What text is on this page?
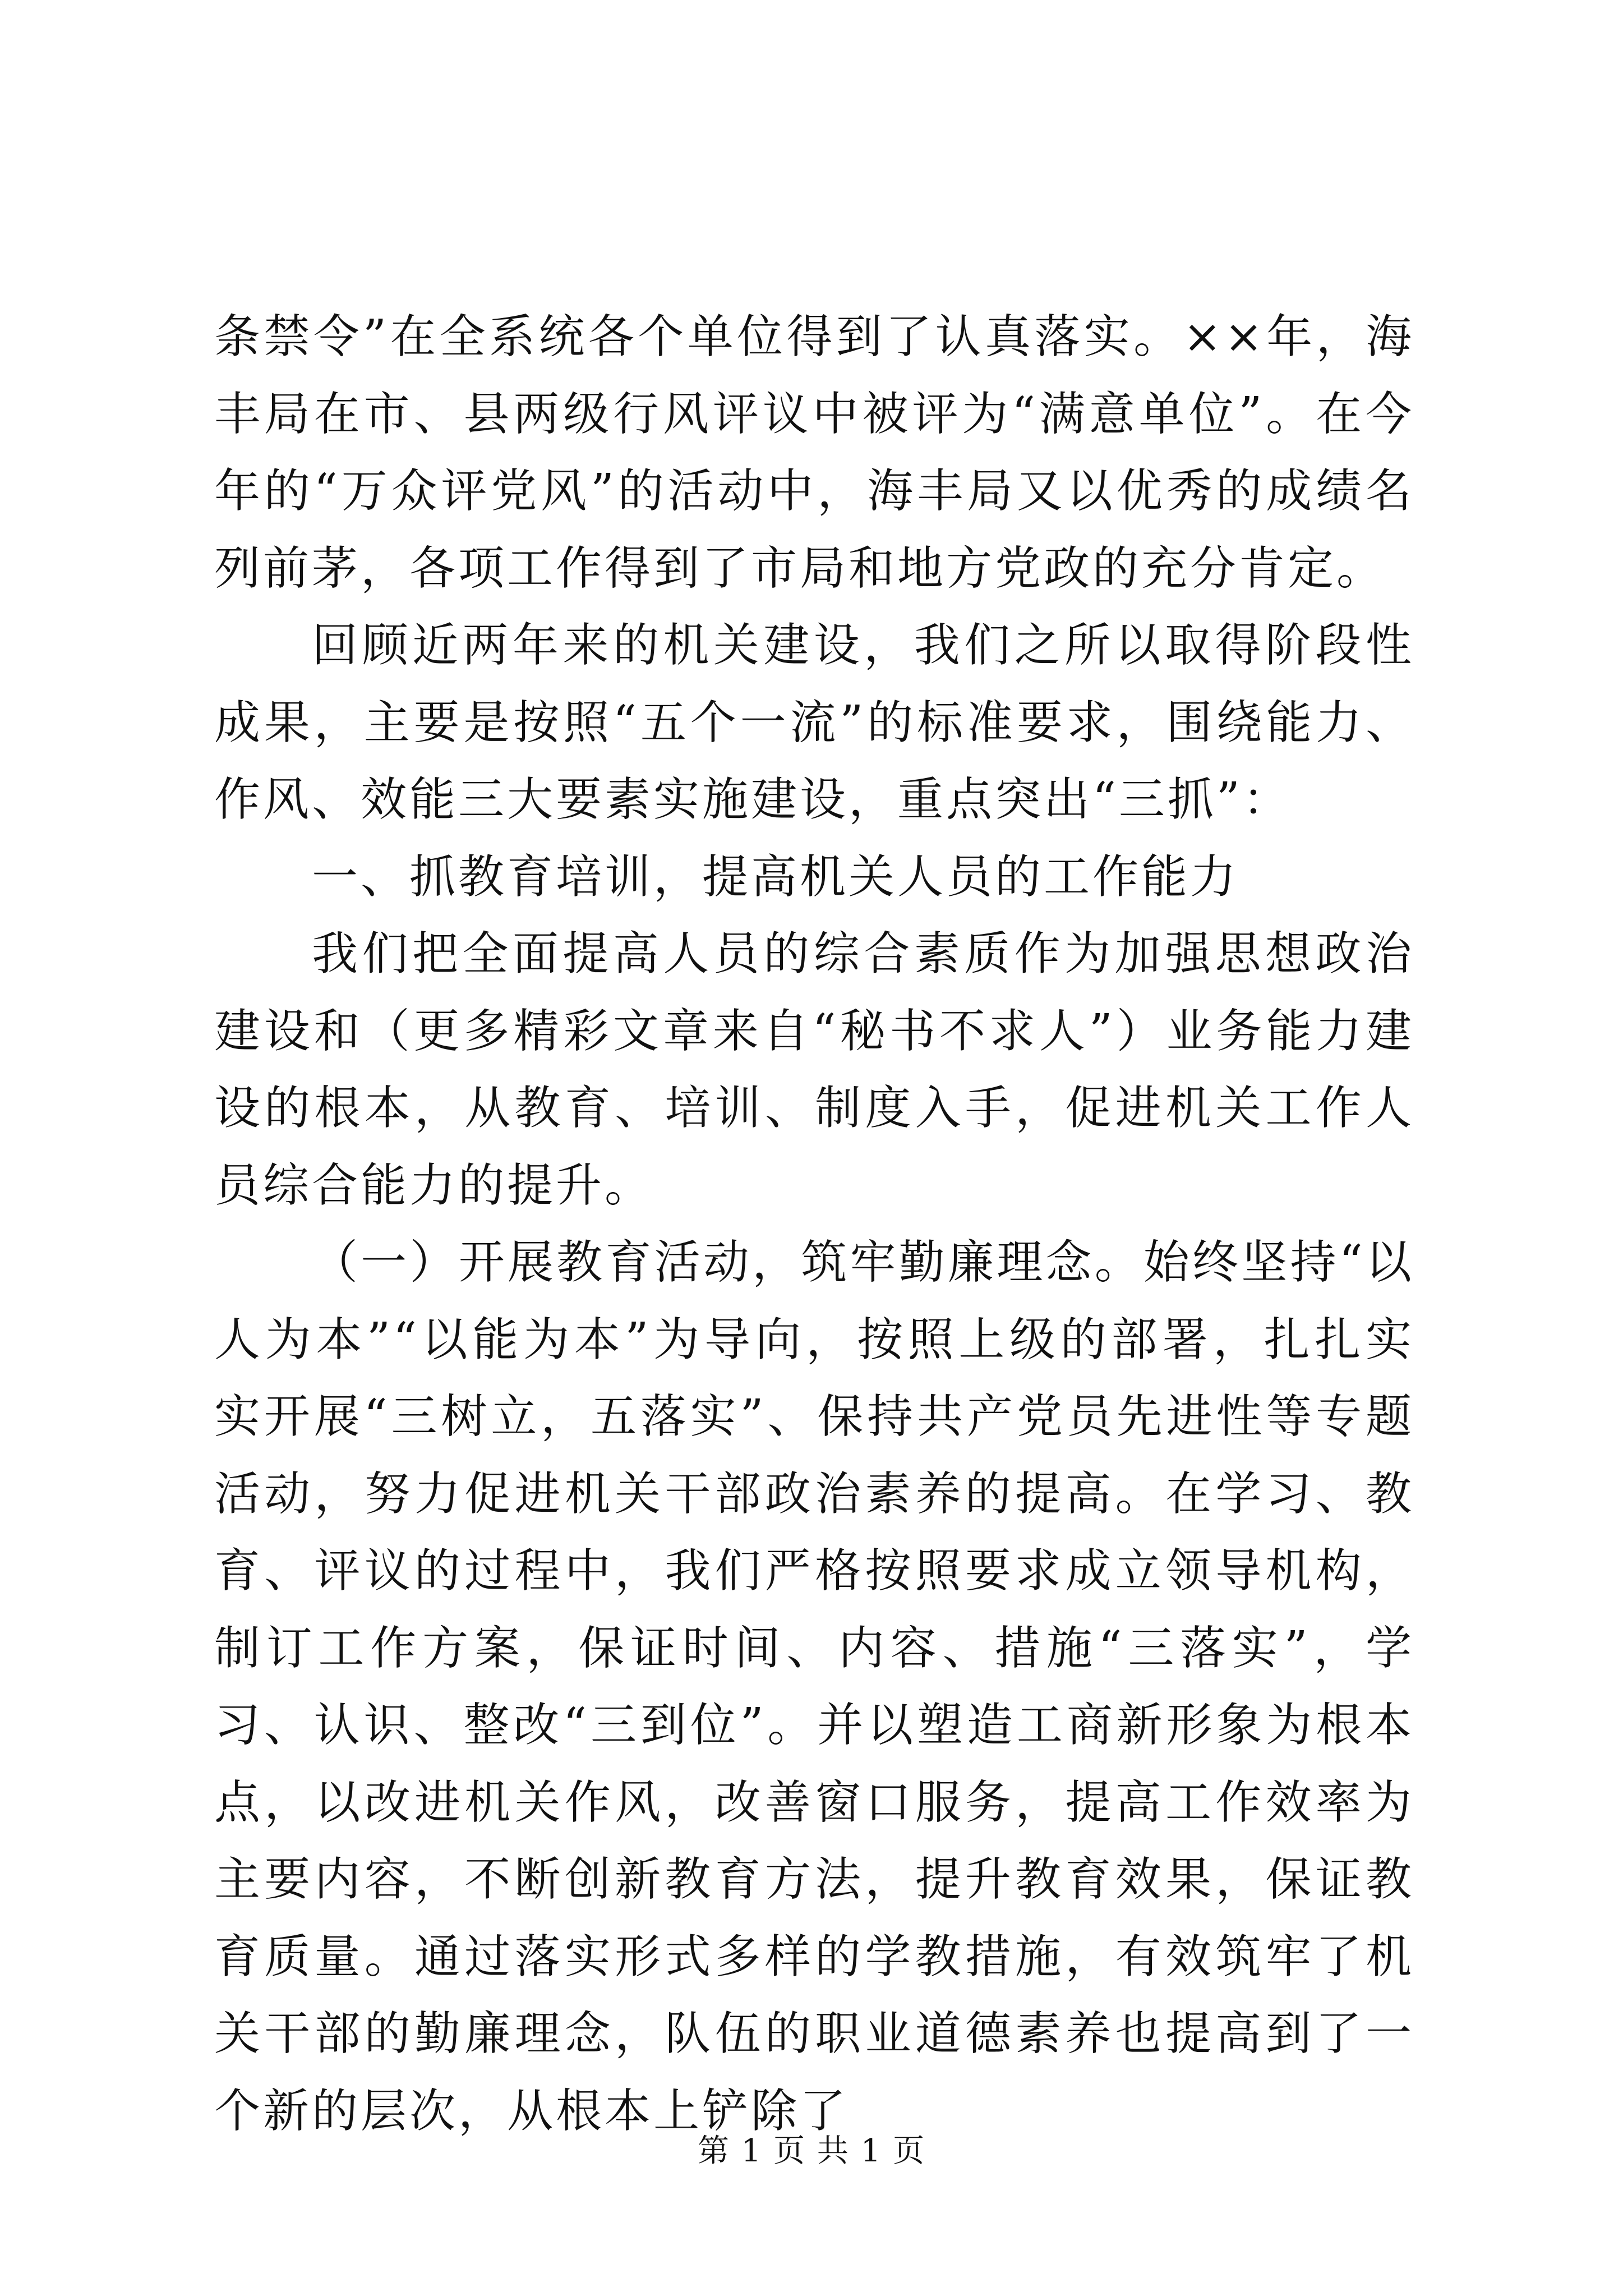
条禁令”在全系统各个单位得到了认真落实。××年，海丰局在市、县两级行风评议中被评为“满意单位”。在今年的“万众评党风”的活动中，海丰局又以优秀的成绩名列前茅，各项工作得到了市局和地方党政的充分肯定。

回顾近两年来的机关建设，我们之所以取得阶段性成果，主要是按照“五个一流”的标准要求，围绕能力、作风、效能三大要素实施建设，重点突出“三抓”：

一、抓教育培训，提高机关人员的工作能力

我们把全面提高人员的综合素质作为加强思想政治建设和（更多精彩文章来自“秘书不求人”）业务能力建设的根本，从教育、培训、制度入手，促进机关工作人员综合能力的提升。

（一）开展教育活动，筑牢勤廉理念。始终坚持“以人为本”“以能为本”为导向，按照上级的部署，扎扎实实开展“三树立，五落实”、保持共产党员先进性等专题活动，努力促进机关干部政治素养的提高。在学习、教育、评议的过程中，我们严格按照要求成立领导机构，制订工作方案，保证时间、内容、措施“三落实”，学习、认识、整改“三到位”。并以塑造工商新形象为根本点，以改进机关作风，改善窗口服务，提高工作效率为主要内容，不断创新教育方法，提升教育效果，保证教育质量。通过落实形式多样的学教措施，有效筑牢了机关干部的勤廉理念，队伍的职业道德素养也提高到了一个新的层次，从根本上铲除了

第 1 页 共 1 页
